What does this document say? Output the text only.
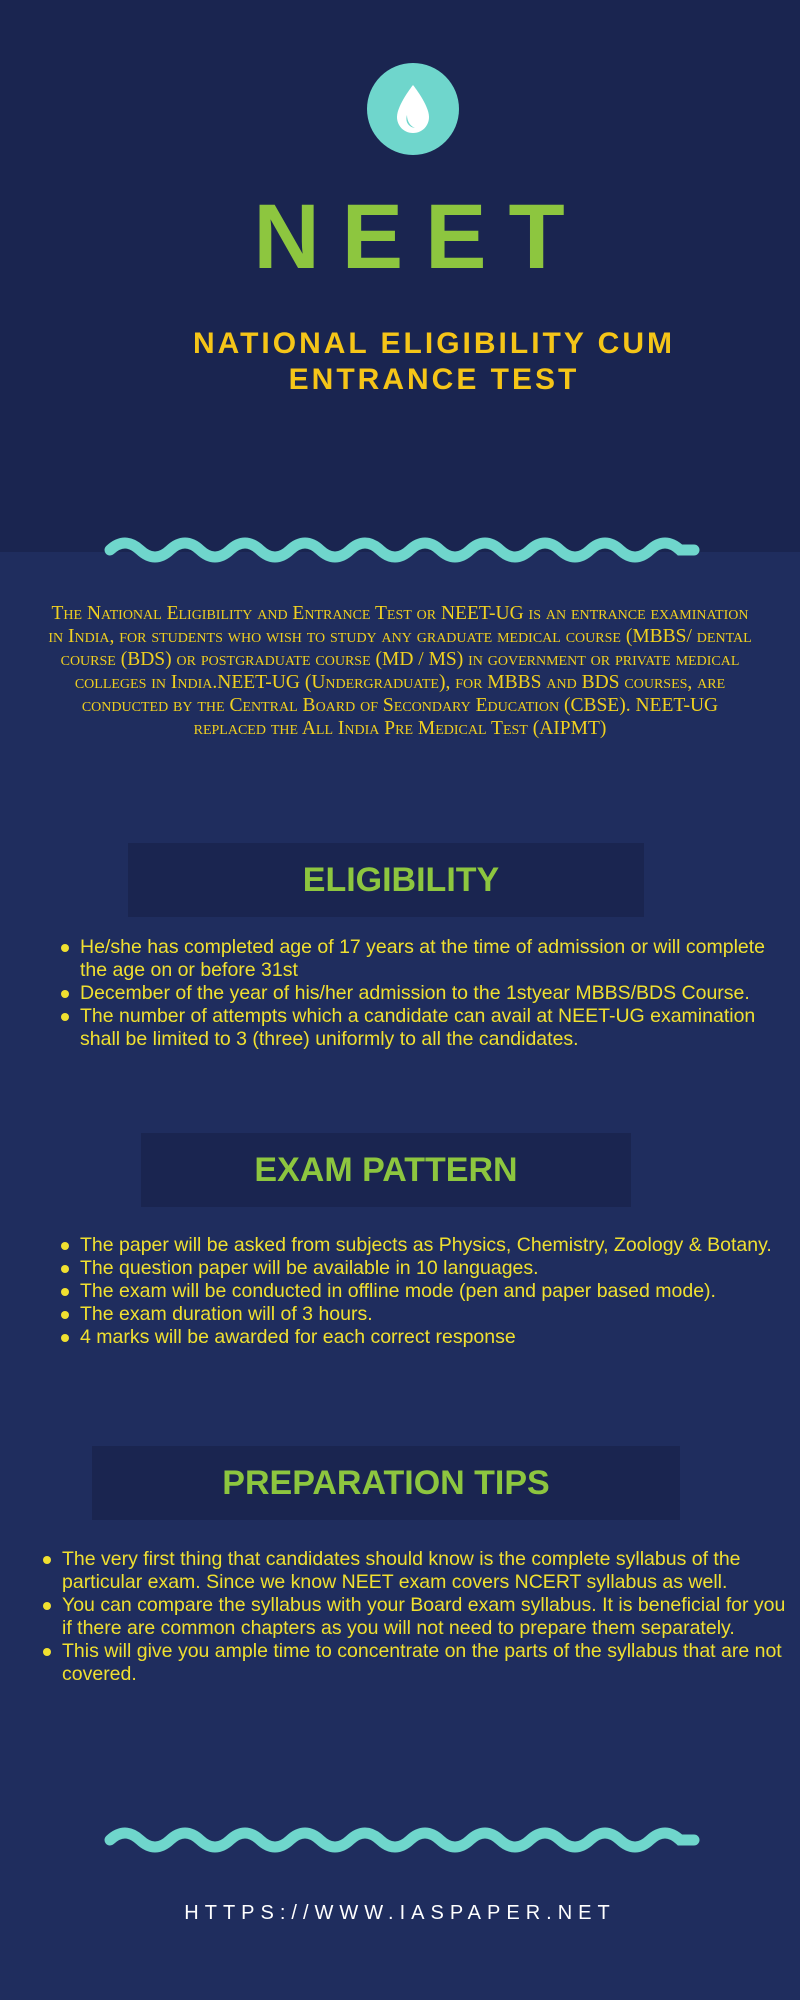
NEET
NATIONAL ELIGIBILITY CUM ENTRANCE TEST
The National Eligibility and Entrance Test or NEET-UG is an entrance examination in India, for students who wish to study any graduate medical course (MBBS/ dental course (BDS) or postgraduate course (MD / MS) in government or private medical colleges in India.NEET-UG (Undergraduate), for MBBS and BDS courses, are conducted by the Central Board of Secondary Education (CBSE). NEET-UG replaced the All India Pre Medical Test (AIPMT)
ELIGIBILITY
He/she has completed age of 17 years at the time of admission or will complete the age on or before 31st
December of the year of his/her admission to the 1styear MBBS/BDS Course.
The number of attempts which a candidate can avail at NEET-UG examination shall be limited to 3 (three) uniformly to all the candidates.
EXAM PATTERN
The paper will be asked from subjects as Physics, Chemistry, Zoology & Botany.
The question paper will be available in 10 languages.
The exam will be conducted in offline mode (pen and paper based mode).
The exam duration will of 3 hours.
4 marks will be awarded for each correct response
PREPARATION TIPS
The very first thing that candidates should know is the complete syllabus of the particular exam. Since we know NEET exam covers NCERT syllabus as well.
You can compare the syllabus with your Board exam syllabus. It is beneficial for you if there are common chapters as you will not need to prepare them separately.
This will give you ample time to concentrate on the parts of the syllabus that are not covered.
HTTPS://WWW.IASPAPER.NET
